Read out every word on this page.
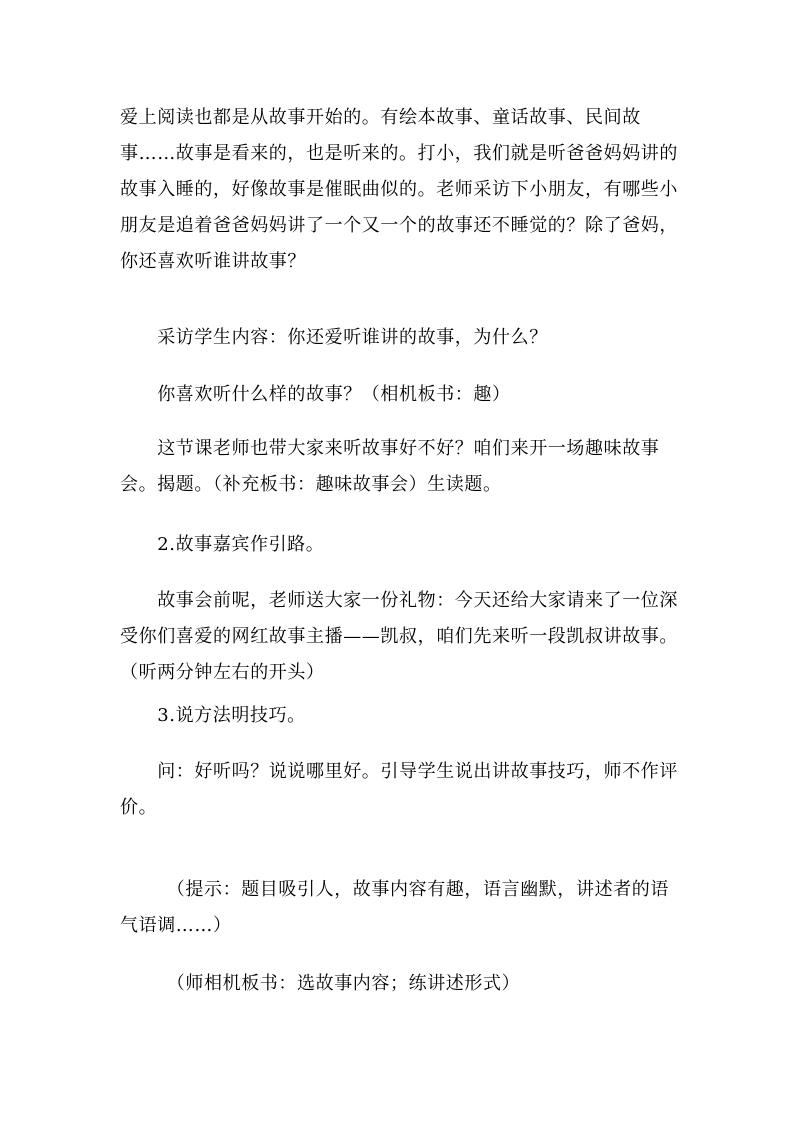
爱上阅读也都是从故事开始的。有绘本故事、童话故事、民间故
事……故事是看来的，也是听来的。打小，我们就是听爸爸妈妈讲的
故事入睡的，好像故事是催眠曲似的。老师采访下小朋友，有哪些小
朋友是追着爸爸妈妈讲了一个又一个的故事还不睡觉的？除了爸妈，
你还喜欢听谁讲故事？
　　采访学生内容：你还爱听谁讲的故事，为什么？
　　你喜欢听什么样的故事？（相机板书：趣）
　　这节课老师也带大家来听故事好不好？咱们来开一场趣味故事
会。揭题。（补充板书：趣味故事会）生读题。
　　2.故事嘉宾作引路。
　　故事会前呢，老师送大家一份礼物：今天还给大家请来了一位深
受你们喜爱的网红故事主播——凯叔，咱们先来听一段凯叔讲故事。
（听两分钟左右的开头）
　　3.说方法明技巧。
　　问：好听吗？说说哪里好。引导学生说出讲故事技巧，师不作评
价。
　　　（提示：题目吸引人，故事内容有趣，语言幽默，讲述者的语
气语调……）
　　　（师相机板书：选故事内容；练讲述形式）
